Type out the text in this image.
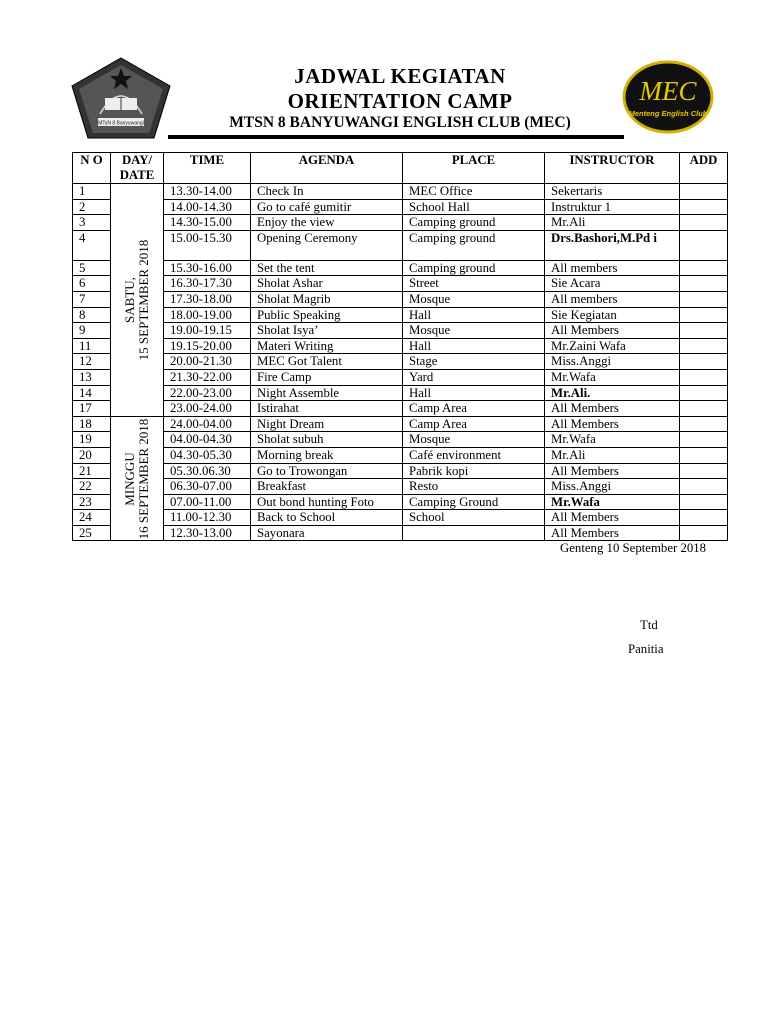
MTsN 8 Banyuwangi
JADWAL KEGIATAN
ORIENTATION CAMP
MTSN 8 BANYUWANGI ENGLISH CLUB (MEC)
MEC
Menteng English Club
N O	DAY/ DATE	TIME	AGENDA	PLACE	INSTRUCTOR	ADD
1	SABTU, 15 SEPTEMBER 2018	13.30-14.00	Check In	MEC Office	Sekertaris	
2		14.00-14.30	Go to café gumitir	School Hall	Instruktur 1	
3		14.30-15.00	Enjoy the view	Camping ground	Mr.Ali	
4		15.00-15.30	Opening Ceremony	Camping ground	Drs.Bashori,M.Pd i	
5		15.30-16.00	Set the tent	Camping ground	All members	
6		16.30-17.30	Sholat Ashar	Street	Sie Acara	
7		17.30-18.00	Sholat Magrib	Mosque	All members	
8		18.00-19.00	Public Speaking	Hall	Sie Kegiatan	
9		19.00-19.15	Sholat Isya’	Mosque	All Members	
11		19.15-20.00	Materi Writing	Hall	Mr.Zaini Wafa	
12		20.00-21.30	MEC Got Talent	Stage	Miss.Anggi	
13		21.30-22.00	Fire Camp	Yard	Mr.Wafa	
14		22.00-23.00	Night Assemble	Hall	Mr.Ali.	
17		23.00-24.00	Istirahat	Camp Area	All Members	
18	MINGGU 16 SEPTEMBER 2018	24.00-04.00	Night Dream	Camp Area	All Members	
19		04.00-04.30	Sholat subuh	Mosque	Mr.Wafa	
20		04.30-05.30	Morning break	Café environment	Mr.Ali	
21		05.30.06.30	Go to Trowongan	Pabrik kopi	All Members	
22		06.30-07.00	Breakfast	Resto	Miss.Anggi	
23		07.00-11.00	Out bond hunting Foto	Camping Ground	Mr.Wafa	
24		11.00-12.30	Back to School	School	All Members	
25		12.30-13.00	Sayonara		All Members	
Genteng 10 September 2018
Ttd
Panitia
